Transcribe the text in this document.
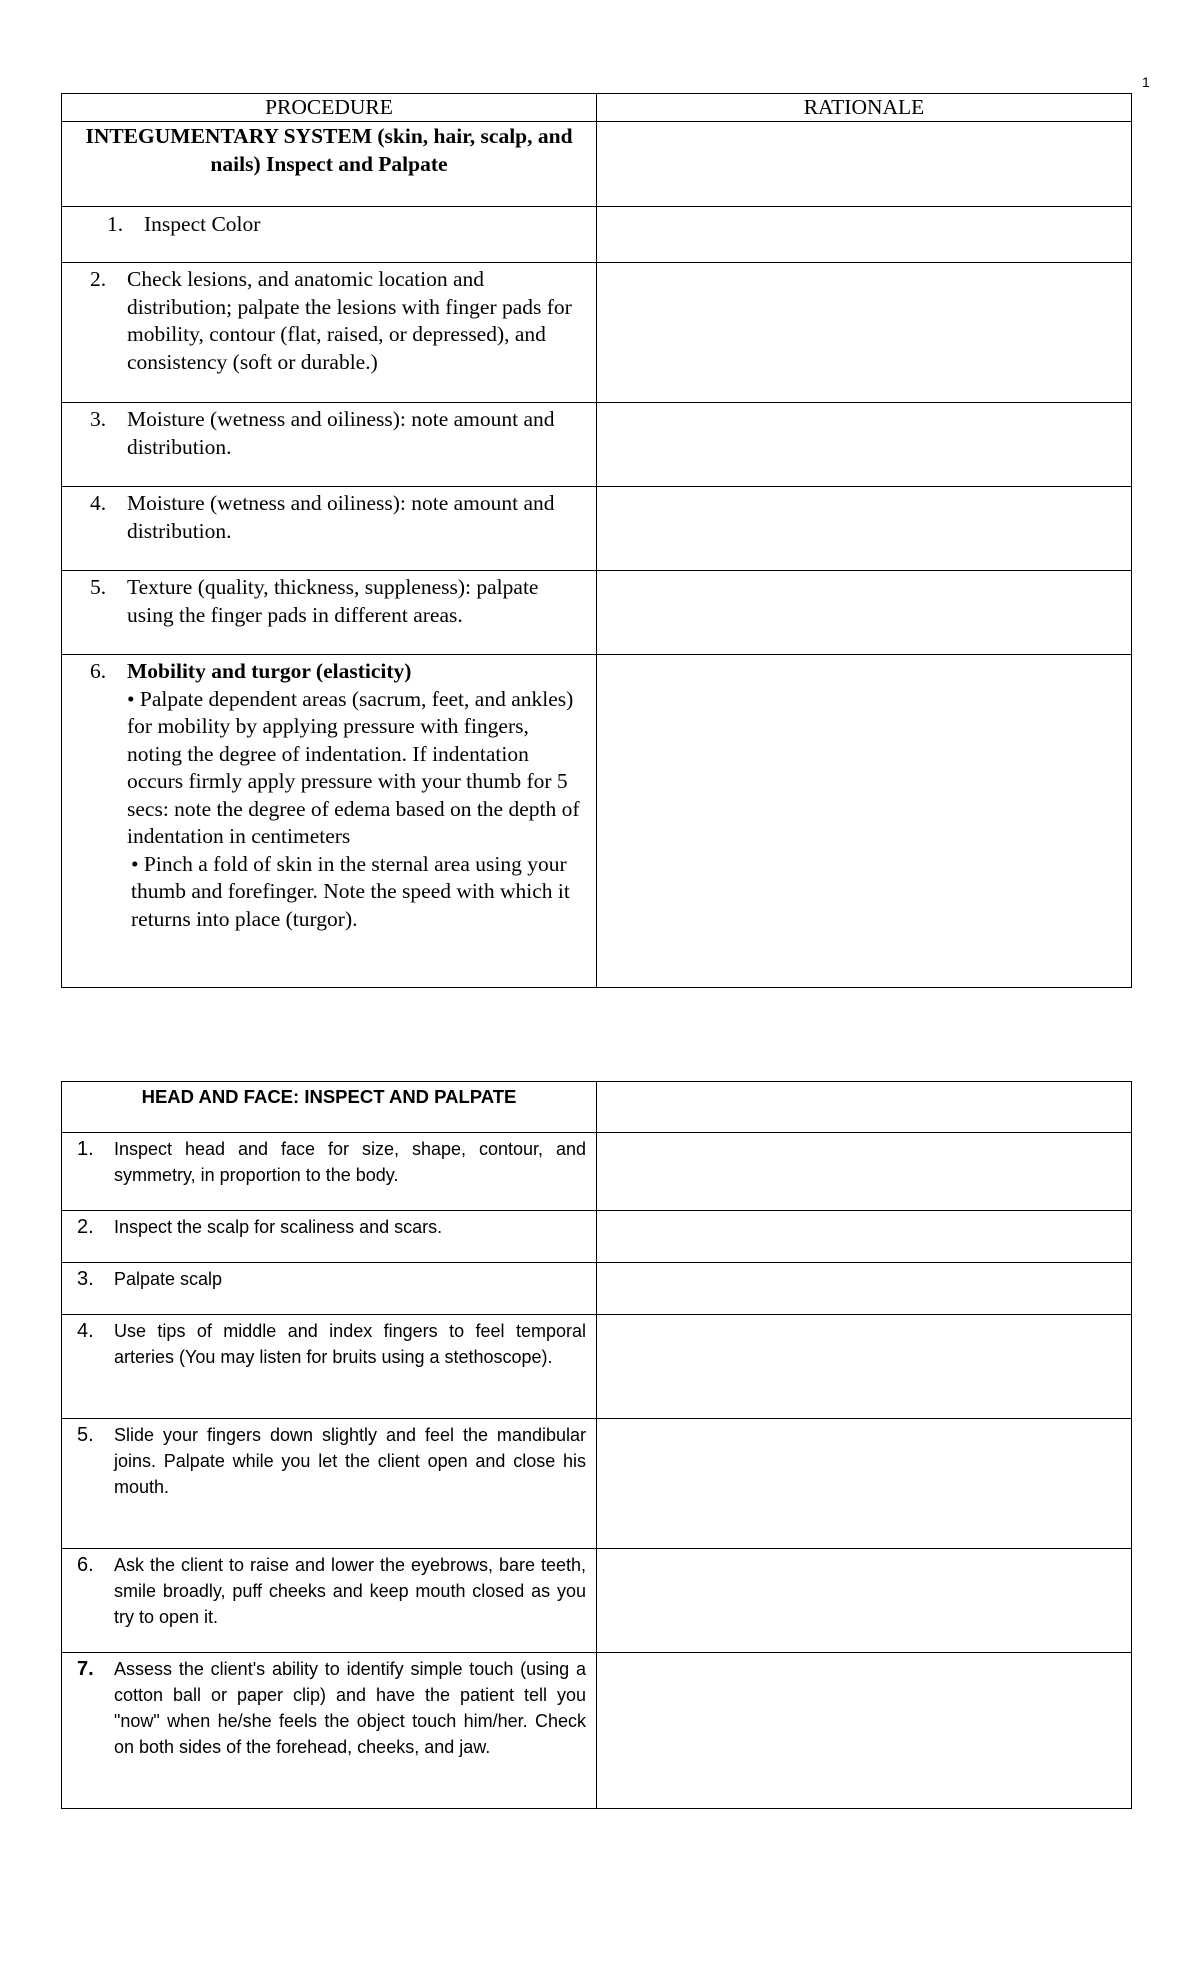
1
PROCEDURE	RATIONALE

INTEGUMENTARY SYSTEM (skin, hair, scalp, and nails) Inspect and Palpate	

1. Inspect Color	

2. Check lesions, and anatomic location and distribution; palpate the lesions with finger pads for mobility, contour (flat, raised, or depressed), and consistency (soft or durable.)	

3. Moisture (wetness and oiliness): note amount and distribution.	

4. Moisture (wetness and oiliness): note amount and distribution.	

5. Texture (quality, thickness, suppleness): palpate using the finger pads in different areas.	

6. Mobility and turgor (elasticity)
• Palpate dependent areas (sacrum, feet, and ankles) for mobility by applying pressure with fingers, noting the degree of indentation. If indentation occurs firmly apply pressure with your thumb for 5 secs: note the degree of edema based on the depth of indentation in centimeters
• Pinch a fold of skin in the sternal area using your thumb and forefinger. Note the speed with which it returns into place (turgor).	

HEAD AND FACE: INSPECT AND PALPATE	

1. Inspect head and face for size, shape, contour, and symmetry, in proportion to the body.	

2. Inspect the scalp for scaliness and scars.	

3. Palpate scalp	

4. Use tips of middle and index fingers to feel temporal arteries (You may listen for bruits using a stethoscope).	

5. Slide your fingers down slightly and feel the mandibular joins. Palpate while you let the client open and close his mouth.	

6. Ask the client to raise and lower the eyebrows, bare teeth, smile broadly, puff cheeks and keep mouth closed as you try to open it.	

7. Assess the client's ability to identify simple touch (using a cotton ball or paper clip) and have the patient tell you "now" when he/she feels the object touch him/her. Check on both sides of the forehead, cheeks, and jaw.	
